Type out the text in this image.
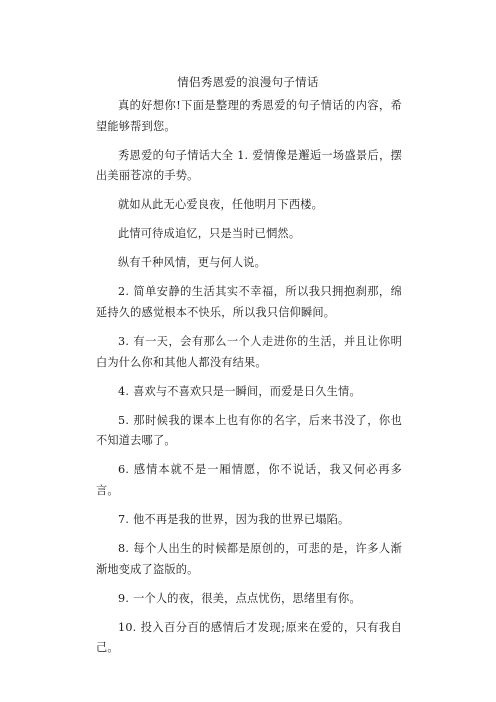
情侣秀恩爱的浪漫句子情话

真的好想你!下面是整理的秀恩爱的句子情话的内容，希望能够帮到您。

秀恩爱的句子情话大全 1. 爱情像是邂逅一场盛景后，摆出美丽苍凉的手势。

就如从此无心爱良夜，任他明月下西楼。

此情可待成追忆，只是当时已惘然。

纵有千种风情，更与何人说。

2. 简单安静的生活其实不幸福，所以我只拥抱刹那，绵延持久的感觉根本不快乐，所以我只信仰瞬间。

3. 有一天，会有那么一个人走进你的生活，并且让你明白为什么你和其他人都没有结果。

4. 喜欢与不喜欢只是一瞬间，而爱是日久生情。

5. 那时候我的课本上也有你的名字，后来书没了，你也不知道去哪了。

6. 感情本就不是一厢情愿，你不说话，我又何必再多言。

7. 他不再是我的世界，因为我的世界已塌陷。

8. 每个人出生的时候都是原创的，可悲的是，许多人渐渐地变成了盗版的。

9. 一个人的夜，很美，点点忧伤，思绪里有你。

10. 投入百分百的感情后才发现;原来在爱的，只有我自己。
